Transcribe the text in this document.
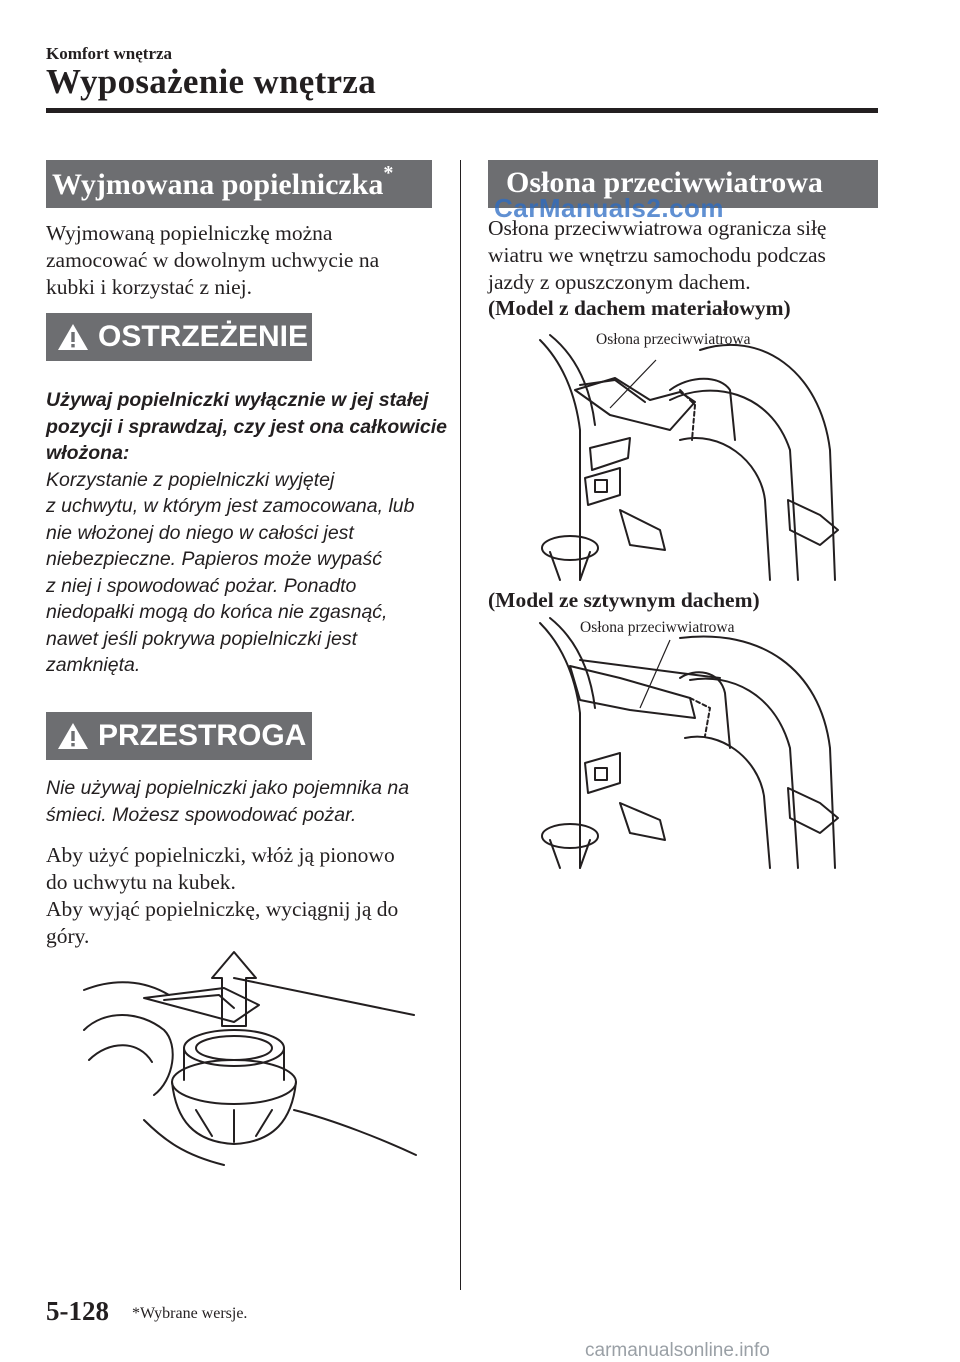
Komfort wnętrza
Wyposażenie wnętrza
Wyjmowana popielniczka*
Wyjmowaną popielniczkę można
zamocować w dowolnym uchwycie na
kubki i korzystać z niej.
OSTRZEŻENIE
Używaj popielniczki wyłącznie w jej stałej
pozycji i sprawdzaj, czy jest ona całkowicie
włożona:
Korzystanie z popielniczki wyjętej
z uchwytu, w którym jest zamocowana, lub
nie włożonej do niego w całości jest
niebezpieczne. Papieros może wypaść
z niej i spowodować pożar. Ponadto
niedopałki mogą do końca nie zgasnąć,
nawet jeśli pokrywa popielniczki jest
zamknięta.
PRZESTROGA
Nie używaj popielniczki jako pojemnika na
śmieci. Możesz spowodować pożar.
Aby użyć popielniczki, włóż ją pionowo
do uchwytu na kubek.
Aby wyjąć popielniczkę, wyciągnij ją do
góry.
Osłona przeciwwiatrowa
CarManuals2.com
Osłona przeciwwiatrowa ogranicza siłę
wiatru we wnętrzu samochodu podczas
jazdy z opuszczonym dachem.
(Model z dachem materiałowym)
Osłona przeciwwiatrowa
(Model ze sztywnym dachem)
Osłona przeciwwiatrowa
5-128 *Wybrane wersje.
carmanualsonline.info
